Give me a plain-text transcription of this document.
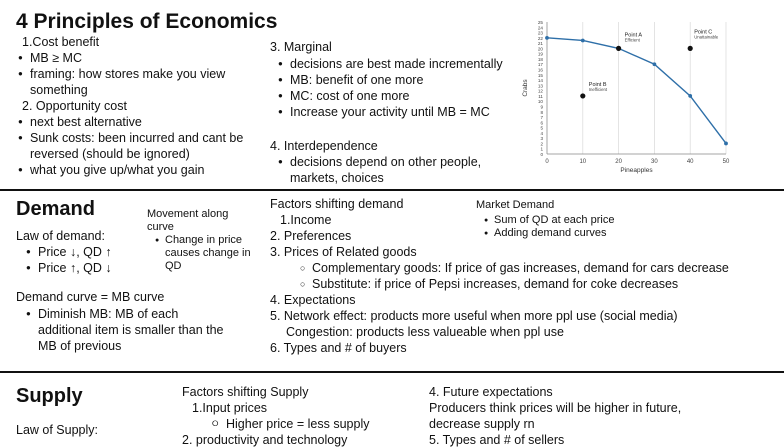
4 Principles of Economics
1.Cost benefit
● MB ≥ MC
● framing: how stores make you view
something
2. Opportunity cost
● next best alternative
● Sunk costs: been incurred and cant be
reversed (should be ignored)
● what you give up/what you gain
3. Marginal
● decisions are best made incrementally
● MB: benefit of one more
● MC: cost of one more
● Increase your activity until MB = MC
4. Interdependence
● decisions depend on other people,
markets, choices
0	10	20	30	40	50
0
1
2
3
4
5
6
7
8
9
10
11
12
13
14
15
16
17
18
19
20
21
22
23
24
25
Pineapples
Crabs
Point A
Efficient
Point B
Inefficient
Point C
Unattainable
Demand
Law of demand:
● Price ↓, QD ↑
● Price ↑, QD ↓
Movement along
curve
● Change in price
causes change in
QD
Demand curve = MB curve
● Diminish MB: MB of each
additional item is smaller than the
MB of previous
Factors shifting demand
1.Income
2. Preferences
3. Prices of Related goods
○ Complementary goods: If price of gas increases, demand for cars decrease
○ Substitute: if price of Pepsi increases, demand for coke decreases
4. Expectations
5. Network effect: products more useful when more ppl use (social media)
Congestion: products less valueable when ppl use
6. Types and # of buyers
Market Demand
● Sum of QD at each price
● Adding demand curves
Supply
Law of Supply:
Factors shifting Supply
1.Input prices
⭘ Higher price = less supply
2. productivity and technology
4. Future expectations
Producers think prices will be higher in future,
decrease supply rn
5. Types and # of sellers
